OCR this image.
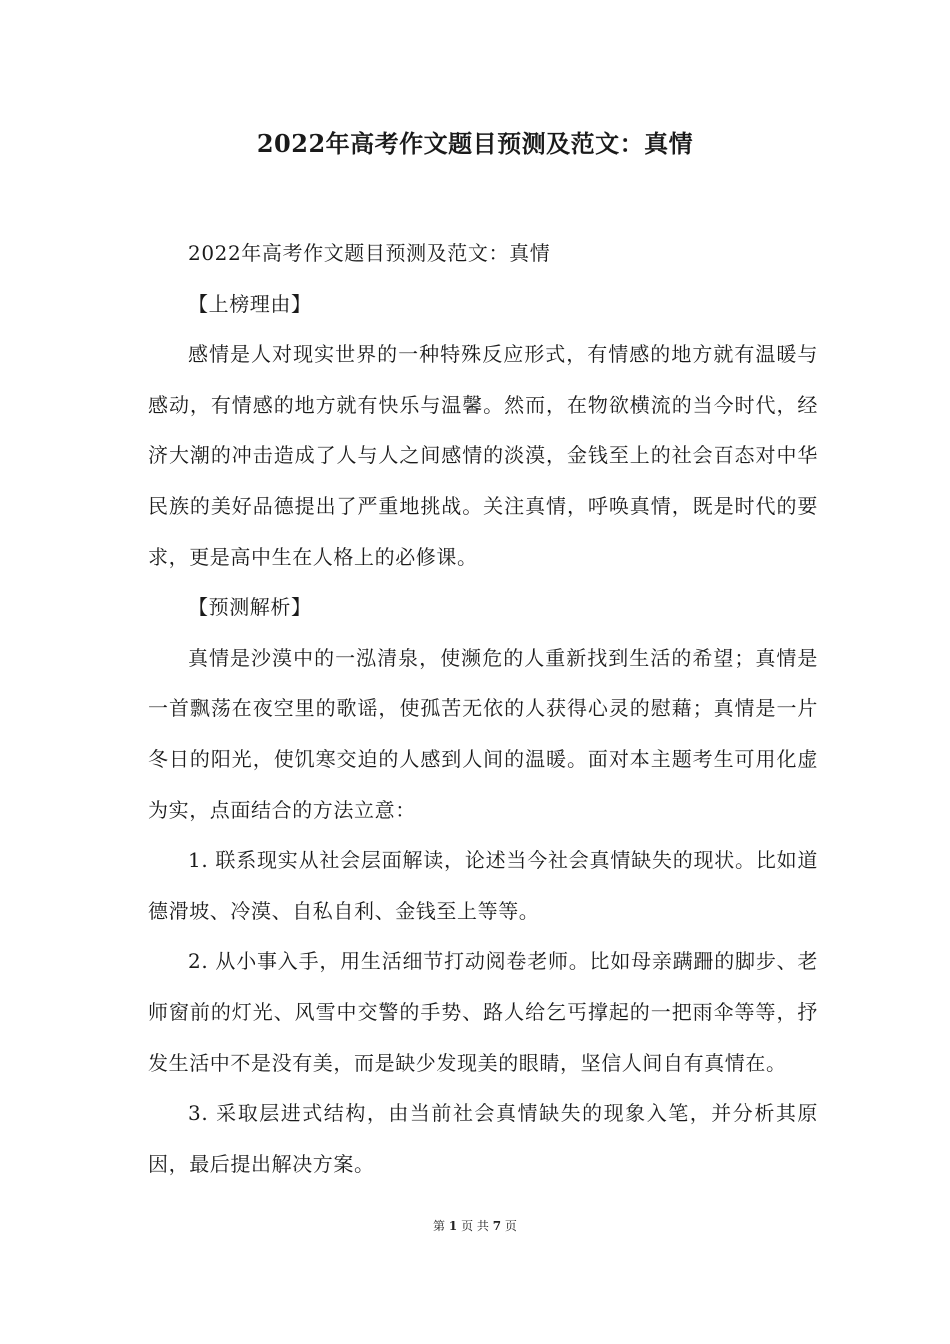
2022年高考作文题目预测及范文：真情

2022年高考作文题目预测及范文：真情

【上榜理由】

感情是人对现实世界的一种特殊反应形式，有情感的地方就有温暖与感动，有情感的地方就有快乐与温馨。然而，在物欲横流的当今时代，经济大潮的冲击造成了人与人之间感情的淡漠，金钱至上的社会百态对中华民族的美好品德提出了严重地挑战。关注真情，呼唤真情，既是时代的要求，更是高中生在人格上的必修课。

【预测解析】

真情是沙漠中的一泓清泉，使濒危的人重新找到生活的希望；真情是一首飘荡在夜空里的歌谣，使孤苦无依的人获得心灵的慰藉；真情是一片冬日的阳光，使饥寒交迫的人感到人间的温暖。面对本主题考生可用化虚为实，点面结合的方法立意：

1. 联系现实从社会层面解读，论述当今社会真情缺失的现状。比如道德滑坡、冷漠、自私自利、金钱至上等等。

2. 从小事入手，用生活细节打动阅卷老师。比如母亲蹒跚的脚步、老师窗前的灯光、风雪中交警的手势、路人给乞丐撑起的一把雨伞等等，抒发生活中不是没有美，而是缺少发现美的眼睛，坚信人间自有真情在。

3. 采取层进式结构，由当前社会真情缺失的现象入笔，并分析其原因，最后提出解决方案。

第 1 页 共 7 页
